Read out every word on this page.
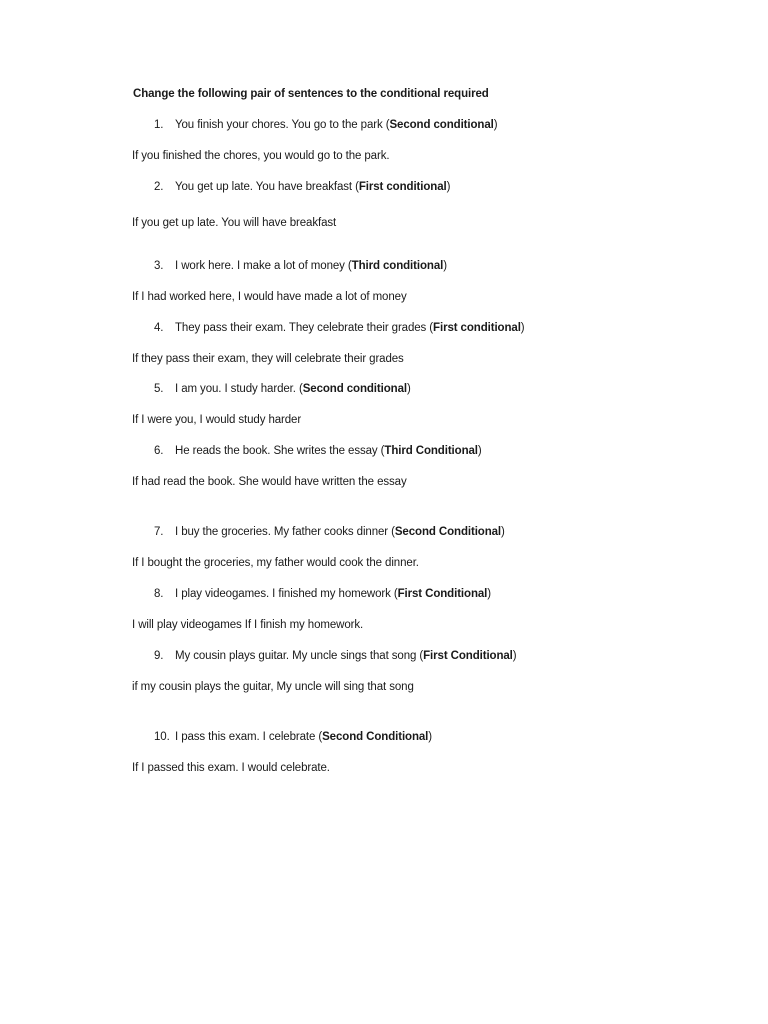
Change the following pair of sentences to the conditional required
1. You finish your chores. You go to the park (Second conditional)
If you finished the chores, you would go to the park.
2. You get up late. You have breakfast (First conditional)
If you get up late. You will have breakfast
3. I work here. I make a lot of money (Third conditional)
If I had worked here, I would have made a lot of money
4. They pass their exam. They celebrate their grades (First conditional)
If they pass their exam, they will celebrate their grades
5. I am you. I study harder. (Second conditional)
If I were you, I would study harder
6. He reads the book. She writes the essay (Third Conditional)
If had read the book. She would have written the essay
7. I buy the groceries. My father cooks dinner (Second Conditional)
If I bought the groceries, my father would cook the dinner.
8. I play videogames. I finished my homework (First Conditional)
I will play videogames If I finish my homework.
9. My cousin plays guitar. My uncle sings that song (First Conditional)
if my cousin plays the guitar, My uncle will sing that song
10. I pass this exam. I celebrate (Second Conditional)
If I passed this exam. I would celebrate.
